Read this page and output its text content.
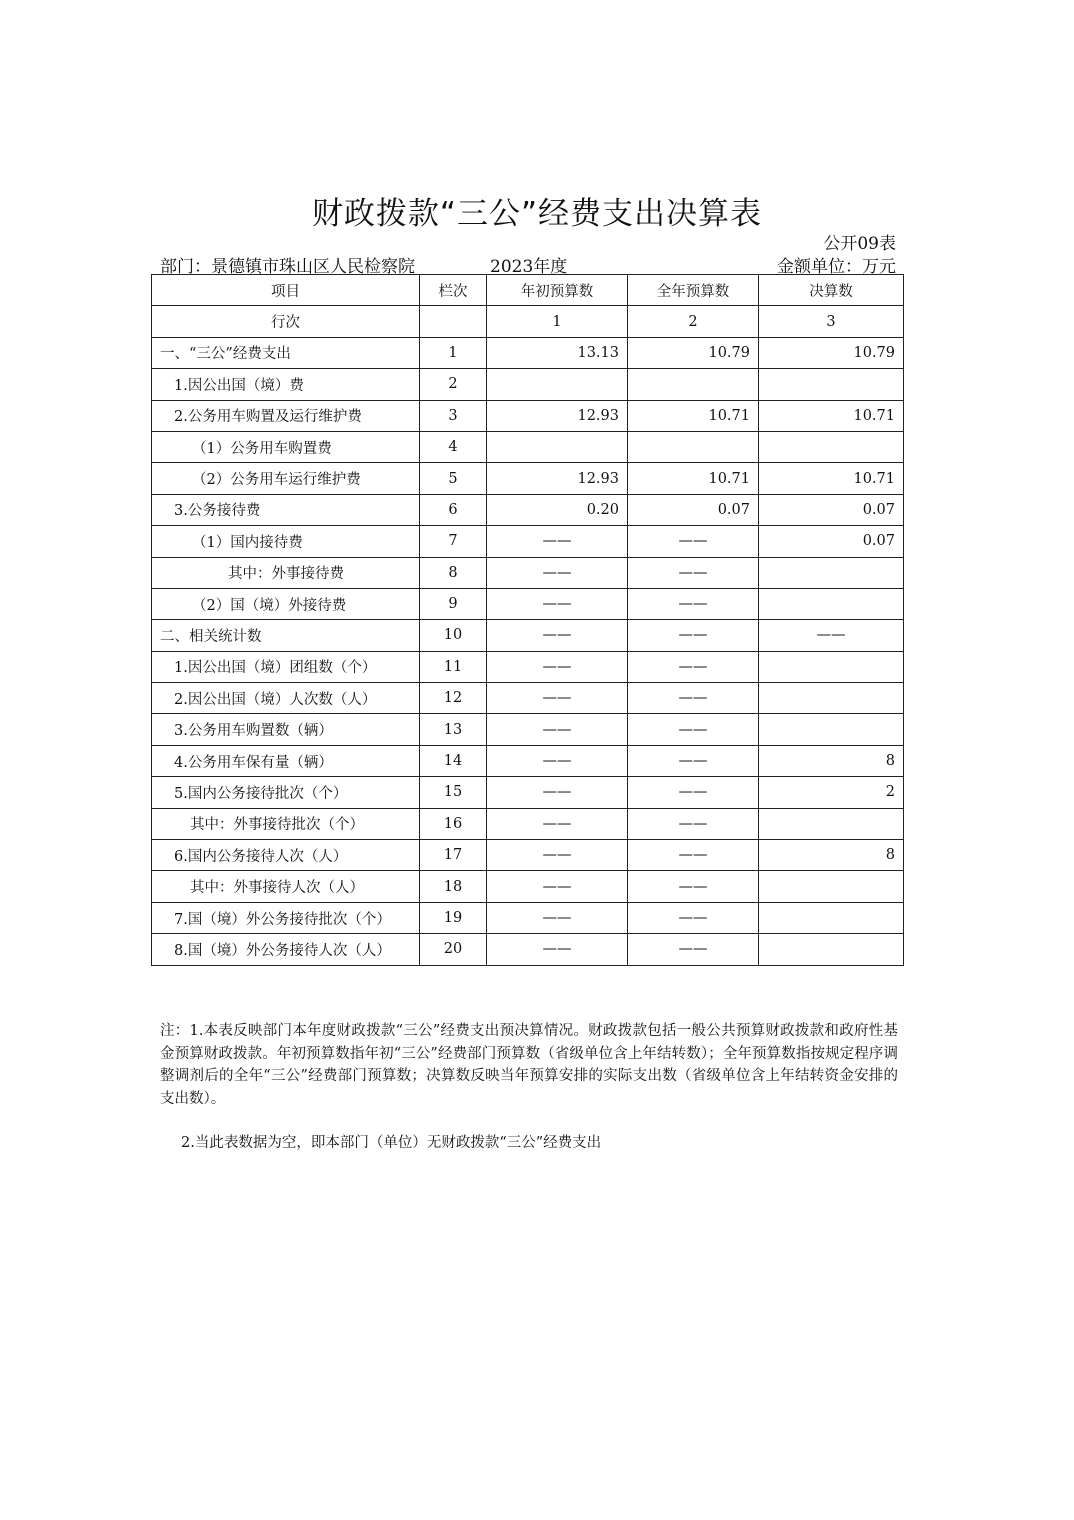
财政拨款“三公”经费支出决算表
公开09表
部门：景德镇市珠山区人民检察院	2023年度	金额单位：万元
项目	栏次	年初预算数	全年预算数	决算数
行次		1	2	3
一、“三公”经费支出	1	13.13	10.79	10.79
1.因公出国（境）费	2			
2.公务用车购置及运行维护费	3	12.93	10.71	10.71
（1）公务用车购置费	4			
（2）公务用车运行维护费	5	12.93	10.71	10.71
3.公务接待费	6	0.20	0.07	0.07
（1）国内接待费	7	——	——	0.07
其中：外事接待费	8	——	——	
（2）国（境）外接待费	9	——	——	
二、相关统计数	10	——	——	——
1.因公出国（境）团组数（个）	11	——	——	
2.因公出国（境）人次数（人）	12	——	——	
3.公务用车购置数（辆）	13	——	——	
4.公务用车保有量（辆）	14	——	——	8
5.国内公务接待批次（个）	15	——	——	2
其中：外事接待批次（个）	16	——	——	
6.国内公务接待人次（人）	17	——	——	8
其中：外事接待人次（人）	18	——	——	
7.国（境）外公务接待批次（个）	19	——	——	
8.国（境）外公务接待人次（人）	20	——	——	
注：1.本表反映部门本年度财政拨款“三公”经费支出预决算情况。财政拨款包括一般公共预算财政拨款和政府性基金预算财政拨款。年初预算数指年初“三公”经费部门预算数（省级单位含上年结转数）；全年预算数指按规定程序调整调剂后的全年“三公”经费部门预算数；决算数反映当年预算安排的实际支出数（省级单位含上年结转资金安排的支出数）。
2.当此表数据为空，即本部门（单位）无财政拨款“三公”经费支出
